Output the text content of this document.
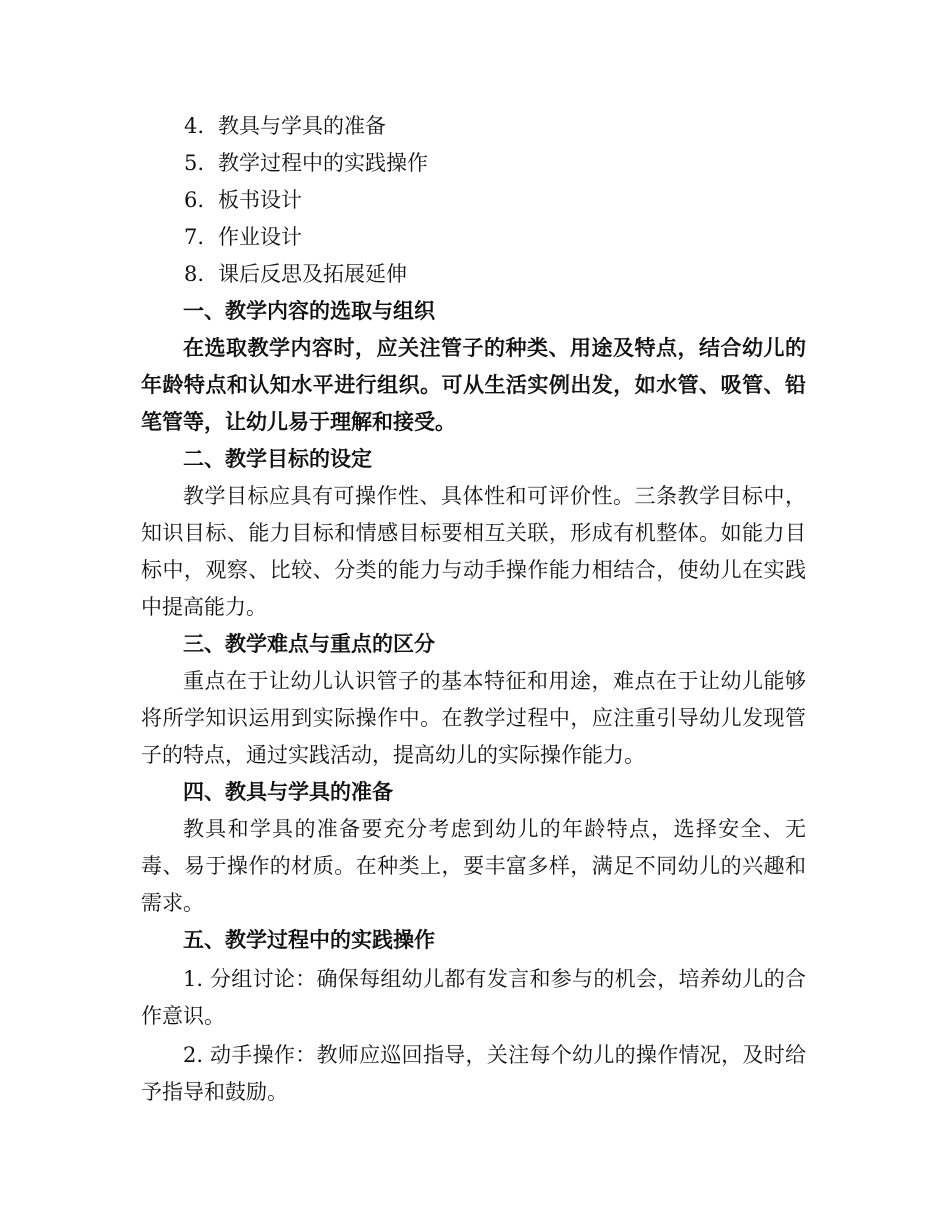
4. 教具与学具的准备
5. 教学过程中的实践操作
6. 板书设计
7. 作业设计
8. 课后反思及拓展延伸
一、教学内容的选取与组织
在选取教学内容时，应关注管子的种类、用途及特点，结合幼儿的年龄特点和认知水平进行组织。可从生活实例出发，如水管、吸管、铅笔管等，让幼儿易于理解和接受。
二、教学目标的设定
教学目标应具有可操作性、具体性和可评价性。三条教学目标中，知识目标、能力目标和情感目标要相互关联，形成有机整体。如能力目标中，观察、比较、分类的能力与动手操作能力相结合，使幼儿在实践中提高能力。
三、教学难点与重点的区分
重点在于让幼儿认识管子的基本特征和用途，难点在于让幼儿能够将所学知识运用到实际操作中。在教学过程中，应注重引导幼儿发现管子的特点，通过实践活动，提高幼儿的实际操作能力。
四、教具与学具的准备
教具和学具的准备要充分考虑到幼儿的年龄特点，选择安全、无毒、易于操作的材质。在种类上，要丰富多样，满足不同幼儿的兴趣和需求。
五、教学过程中的实践操作
1. 分组讨论：确保每组幼儿都有发言和参与的机会，培养幼儿的合作意识。
2. 动手操作：教师应巡回指导，关注每个幼儿的操作情况，及时给予指导和鼓励。
